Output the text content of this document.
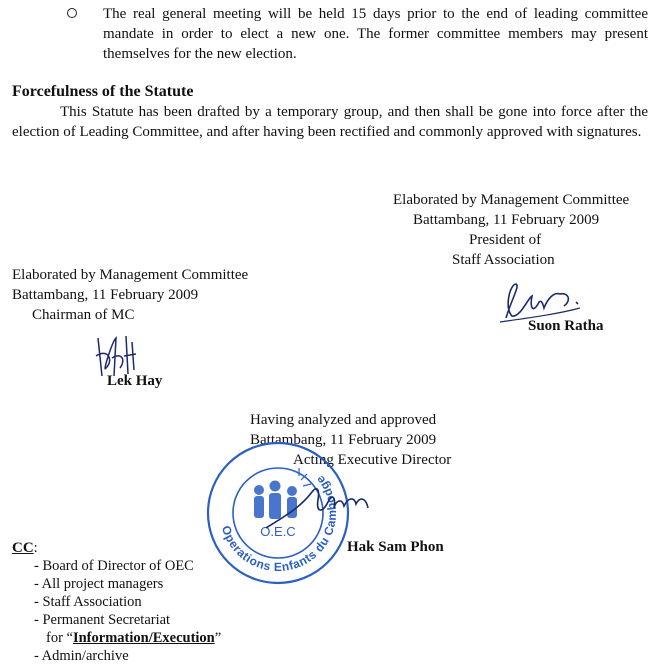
The real general meeting will be held 15 days prior to the end of leading committee mandate in order to elect a new one. The former committee members may present themselves for the new election.
Forcefulness of the Statute
This Statute has been drafted by a temporary group, and then shall be gone into force after the election of Leading Committee, and after having been rectified and commonly approved with signatures.
Elaborated by Management Committee
Battambang, 11 February 2009
President of
Staff Association
Suon Ratha
Elaborated by Management Committee
Battambang, 11 February 2009
Chairman of MC
Lek Hay
Having analyzed and approved
Battambang, 11 February 2009
Acting Executive Director
Operations Enfants du Cambodge
O.E.C
Hak Sam Phon
CC:
- Board of Director of OEC
- All project managers
- Staff Association
- Permanent Secretariat
for “Information/Execution”
- Admin/archive
